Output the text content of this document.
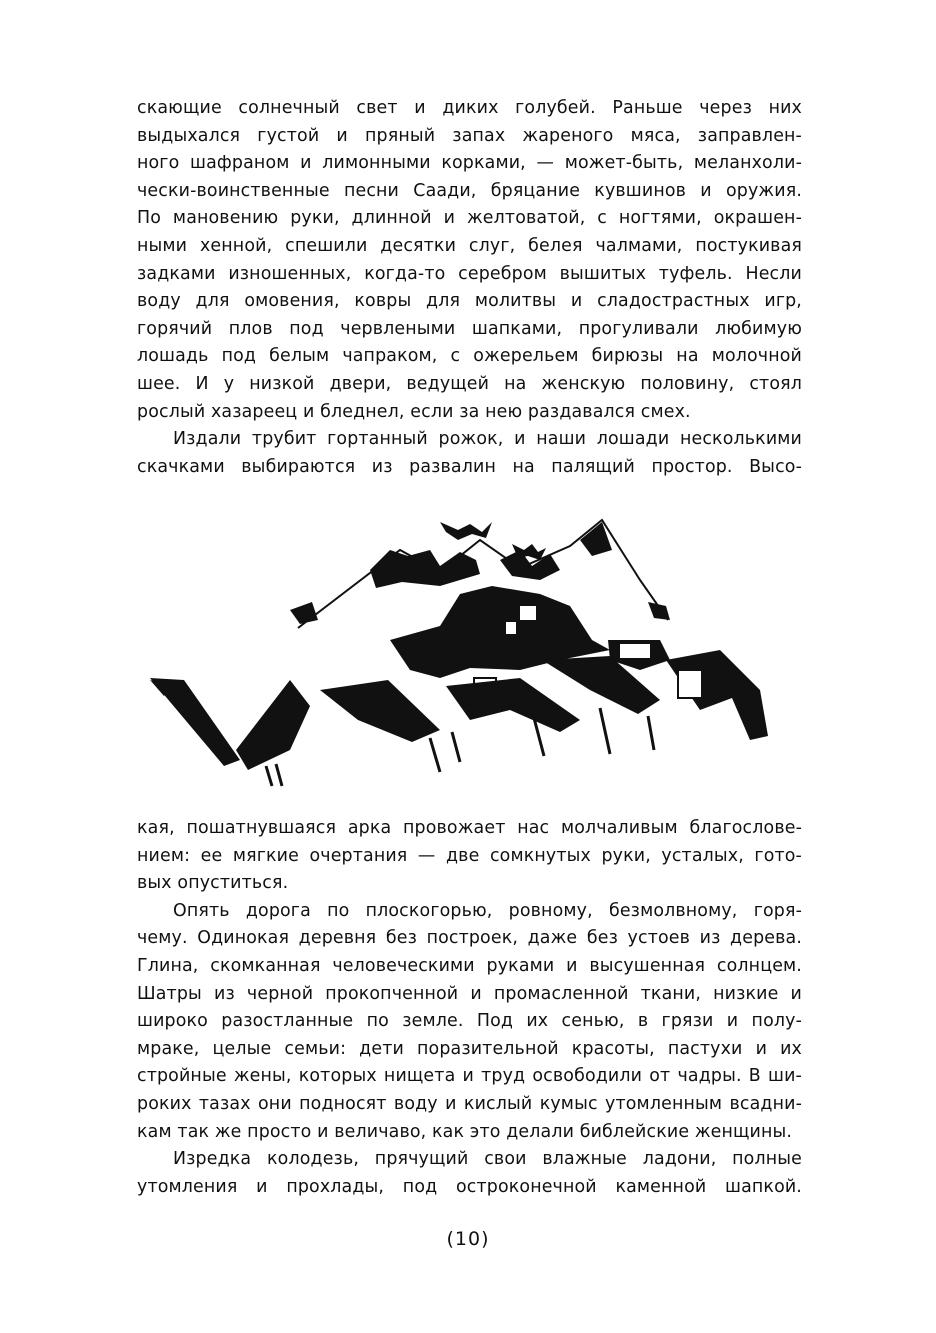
скающие солнечный свет и диких голубей. Раньше через них
выдыхался густой и пряный запах жареного мяса, заправлен-
ного шафраном и лимонными корками, — может-быть, меланхоли-
чески-воинственные песни Саади, бряцание кувшинов и оружия.
По мановению руки, длинной и желтоватой, с ногтями, окрашен-
ными хенной, спешили десятки слуг, белея чалмами, постукивая
задками изношенных, когда-то серебром вышитых туфель. Несли
воду для омовения, ковры для молитвы и сладострастных игр,
горячий плов под червлеными шапками, прогуливали любимую
лошадь под белым чапраком, с ожерельем бирюзы на молочной
шее. И у низкой двери, ведущей на женскую половину, стоял
рослый хазареец и бледнел, если за нею раздавался смех.
Издали трубит гортанный рожок, и наши лошади несколькими
скачками выбираются из развалин на палящий простор. Высо-
кая, пошатнувшаяся арка провожает нас молчаливым благослове-
нием: ее мягкие очертания — две сомкнутых руки, усталых, гото-
вых опуститься.
Опять дорога по плоскогорью, ровному, безмолвному, горя-
чему. Одинокая деревня без построек, даже без устоев из дерева.
Глина, скомканная человеческими руками и высушенная солнцем.
Шатры из черной прокопченной и промасленной ткани, низкие и
широко разостланные по земле. Под их сенью, в грязи и полу-
мраке, целые семьи: дети поразительной красоты, пастухи и их
стройные жены, которых нищета и труд освободили от чадры. В ши-
роких тазах они подносят воду и кислый кумыс утомленным всадни-
кам так же просто и величаво, как это делали библейские женщины.
Изредка колодезь, прячущий свои влажные ладони, полные
утомления и прохлады, под остроконечной каменной шапкой.
(10)
